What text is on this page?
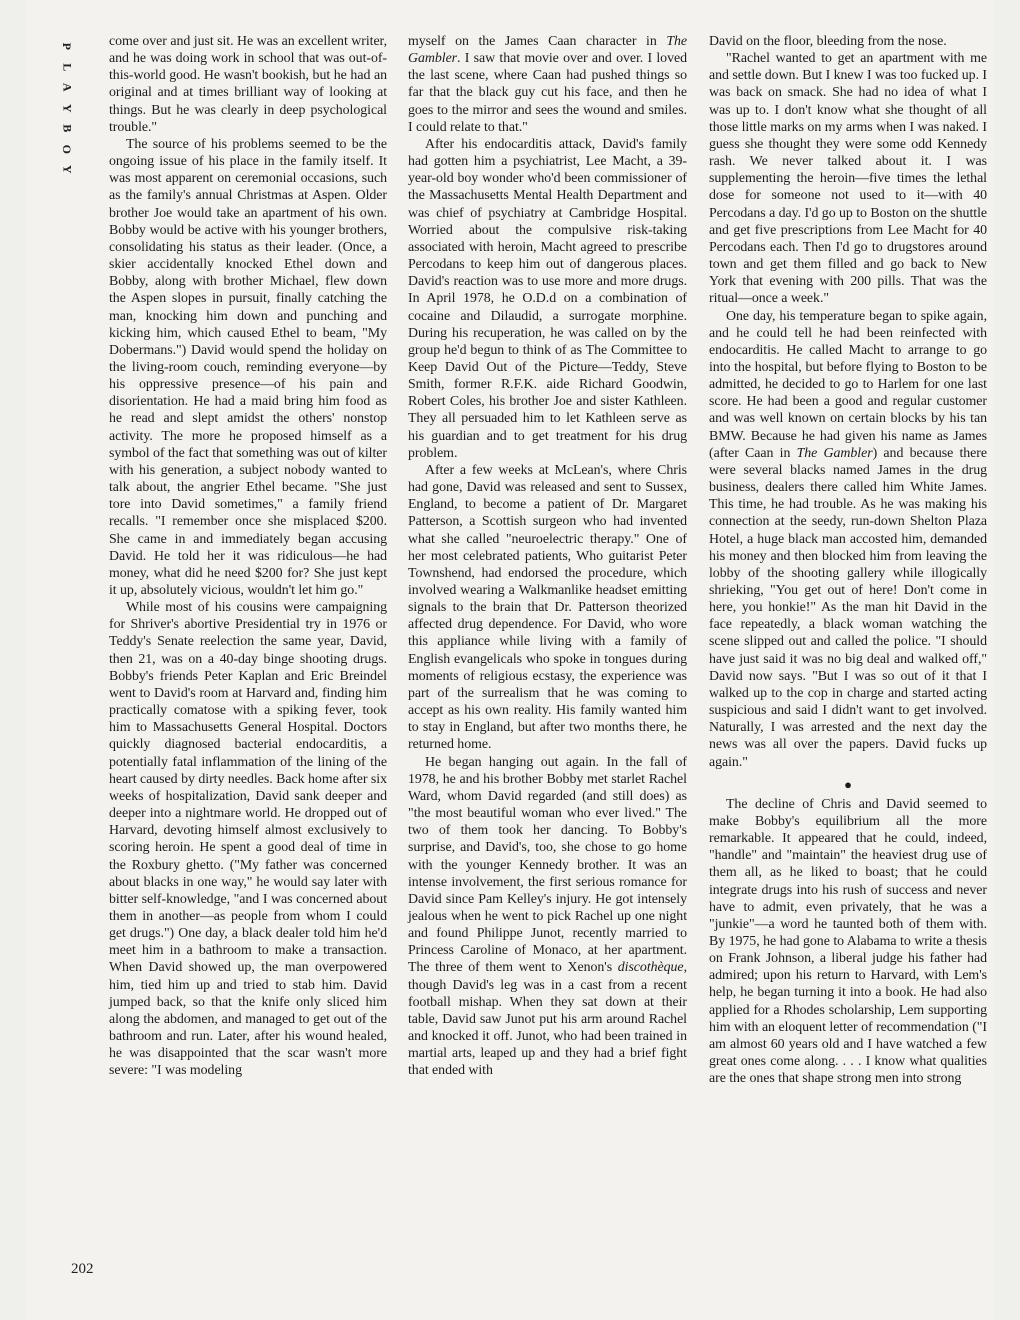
P
L
A
Y
B
O
Y
202

come over and just sit. He was an excellent writer, and he was doing work in school that was out-of-this-world good. He wasn't bookish, but he had an original and at times brilliant way of looking at things. But he was clearly in deep psychological trouble."

The source of his problems seemed to be the ongoing issue of his place in the family itself. It was most apparent on ceremonial occasions, such as the family's annual Christmas at Aspen. Older brother Joe would take an apartment of his own. Bobby would be active with his younger brothers, consolidating his status as their leader. (Once, a skier accidentally knocked Ethel down and Bobby, along with brother Michael, flew down the Aspen slopes in pursuit, finally catching the man, knocking him down and punching and kicking him, which caused Ethel to beam, "My Dobermans.") David would spend the holiday on the living-room couch, reminding everyone—by his oppressive presence—of his pain and disorientation. He had a maid bring him food as he read and slept amidst the others' nonstop activity. The more he proposed himself as a symbol of the fact that something was out of kilter with his generation, a subject nobody wanted to talk about, the angrier Ethel became. "She just tore into David sometimes," a family friend recalls. "I remember once she misplaced $200. She came in and immediately began accusing David. He told her it was ridiculous—he had money, what did he need $200 for? She just kept it up, absolutely vicious, wouldn't let him go."

While most of his cousins were campaigning for Shriver's abortive Presidential try in 1976 or Teddy's Senate reelection the same year, David, then 21, was on a 40-day binge shooting drugs. Bobby's friends Peter Kaplan and Eric Breindel went to David's room at Harvard and, finding him practically comatose with a spiking fever, took him to Massachusetts General Hospital. Doctors quickly diagnosed bacterial endocarditis, a potentially fatal inflammation of the lining of the heart caused by dirty needles. Back home after six weeks of hospitalization, David sank deeper and deeper into a nightmare world. He dropped out of Harvard, devoting himself almost exclusively to scoring heroin. He spent a good deal of time in the Roxbury ghetto. ("My father was concerned about blacks in one way," he would say later with bitter self-knowledge, "and I was concerned about them in another—as people from whom I could get drugs.") One day, a black dealer told him he'd meet him in a bathroom to make a transaction. When David showed up, the man overpowered him, tied him up and tried to stab him. David jumped back, so that the knife only sliced him along the abdomen, and managed to get out of the bathroom and run. Later, after his wound healed, he was disappointed that the scar wasn't more severe: "I was modeling

myself on the James Caan character in The Gambler. I saw that movie over and over. I loved the last scene, where Caan had pushed things so far that the black guy cut his face, and then he goes to the mirror and sees the wound and smiles. I could relate to that."

After his endocarditis attack, David's family had gotten him a psychiatrist, Lee Macht, a 39-year-old boy wonder who'd been commissioner of the Massachusetts Mental Health Department and was chief of psychiatry at Cambridge Hospital. Worried about the compulsive risk-taking associated with heroin, Macht agreed to prescribe Percodans to keep him out of dangerous places. David's reaction was to use more and more drugs. In April 1978, he O.D.d on a combination of cocaine and Dilaudid, a surrogate morphine. During his recuperation, he was called on by the group he'd begun to think of as The Committee to Keep David Out of the Picture—Teddy, Steve Smith, former R.F.K. aide Richard Goodwin, Robert Coles, his brother Joe and sister Kathleen. They all persuaded him to let Kathleen serve as his guardian and to get treatment for his drug problem.

After a few weeks at McLean's, where Chris had gone, David was released and sent to Sussex, England, to become a patient of Dr. Margaret Patterson, a Scottish surgeon who had invented what she called "neuroelectric therapy." One of her most celebrated patients, Who guitarist Peter Townshend, had endorsed the procedure, which involved wearing a Walkmanlike headset emitting signals to the brain that Dr. Patterson theorized affected drug dependence. For David, who wore this appliance while living with a family of English evangelicals who spoke in tongues during moments of religious ecstasy, the experience was part of the surrealism that he was coming to accept as his own reality. His family wanted him to stay in England, but after two months there, he returned home.

He began hanging out again. In the fall of 1978, he and his brother Bobby met starlet Rachel Ward, whom David regarded (and still does) as "the most beautiful woman who ever lived." The two of them took her dancing. To Bobby's surprise, and David's, too, she chose to go home with the younger Kennedy brother. It was an intense involvement, the first serious romance for David since Pam Kelley's injury. He got intensely jealous when he went to pick Rachel up one night and found Philippe Junot, recently married to Princess Caroline of Monaco, at her apartment. The three of them went to Xenon's discothèque, though David's leg was in a cast from a recent football mishap. When they sat down at their table, David saw Junot put his arm around Rachel and knocked it off. Junot, who had been trained in martial arts, leaped up and they had a brief fight that ended with

David on the floor, bleeding from the nose.

"Rachel wanted to get an apartment with me and settle down. But I knew I was too fucked up. I was back on smack. She had no idea of what I was up to. I don't know what she thought of all those little marks on my arms when I was naked. I guess she thought they were some odd Kennedy rash. We never talked about it. I was supplementing the heroin—five times the lethal dose for someone not used to it—with 40 Percodans a day. I'd go up to Boston on the shuttle and get five prescriptions from Lee Macht for 40 Percodans each. Then I'd go to drugstores around town and get them filled and go back to New York that evening with 200 pills. That was the ritual—once a week."

One day, his temperature began to spike again, and he could tell he had been reinfected with endocarditis. He called Macht to arrange to go into the hospital, but before flying to Boston to be admitted, he decided to go to Harlem for one last score. He had been a good and regular customer and was well known on certain blocks by his tan BMW. Because he had given his name as James (after Caan in The Gambler) and because there were several blacks named James in the drug business, dealers there called him White James. This time, he had trouble. As he was making his connection at the seedy, run-down Shelton Plaza Hotel, a huge black man accosted him, demanded his money and then blocked him from leaving the lobby of the shooting gallery while illogically shrieking, "You get out of here! Don't come in here, you honkie!" As the man hit David in the face repeatedly, a black woman watching the scene slipped out and called the police. "I should have just said it was no big deal and walked off," David now says. "But I was so out of it that I walked up to the cop in charge and started acting suspicious and said I didn't want to get involved. Naturally, I was arrested and the next day the news was all over the papers. David fucks up again."

●

The decline of Chris and David seemed to make Bobby's equilibrium all the more remarkable. It appeared that he could, indeed, "handle" and "maintain" the heaviest drug use of them all, as he liked to boast; that he could integrate drugs into his rush of success and never have to admit, even privately, that he was a "junkie"—a word he taunted both of them with. By 1975, he had gone to Alabama to write a thesis on Frank Johnson, a liberal judge his father had admired; upon his return to Harvard, with Lem's help, he began turning it into a book. He had also applied for a Rhodes scholarship, Lem supporting him with an eloquent letter of recommendation ("I am almost 60 years old and I have watched a few great ones come along. . . . I know what qualities are the ones that shape strong men into strong
